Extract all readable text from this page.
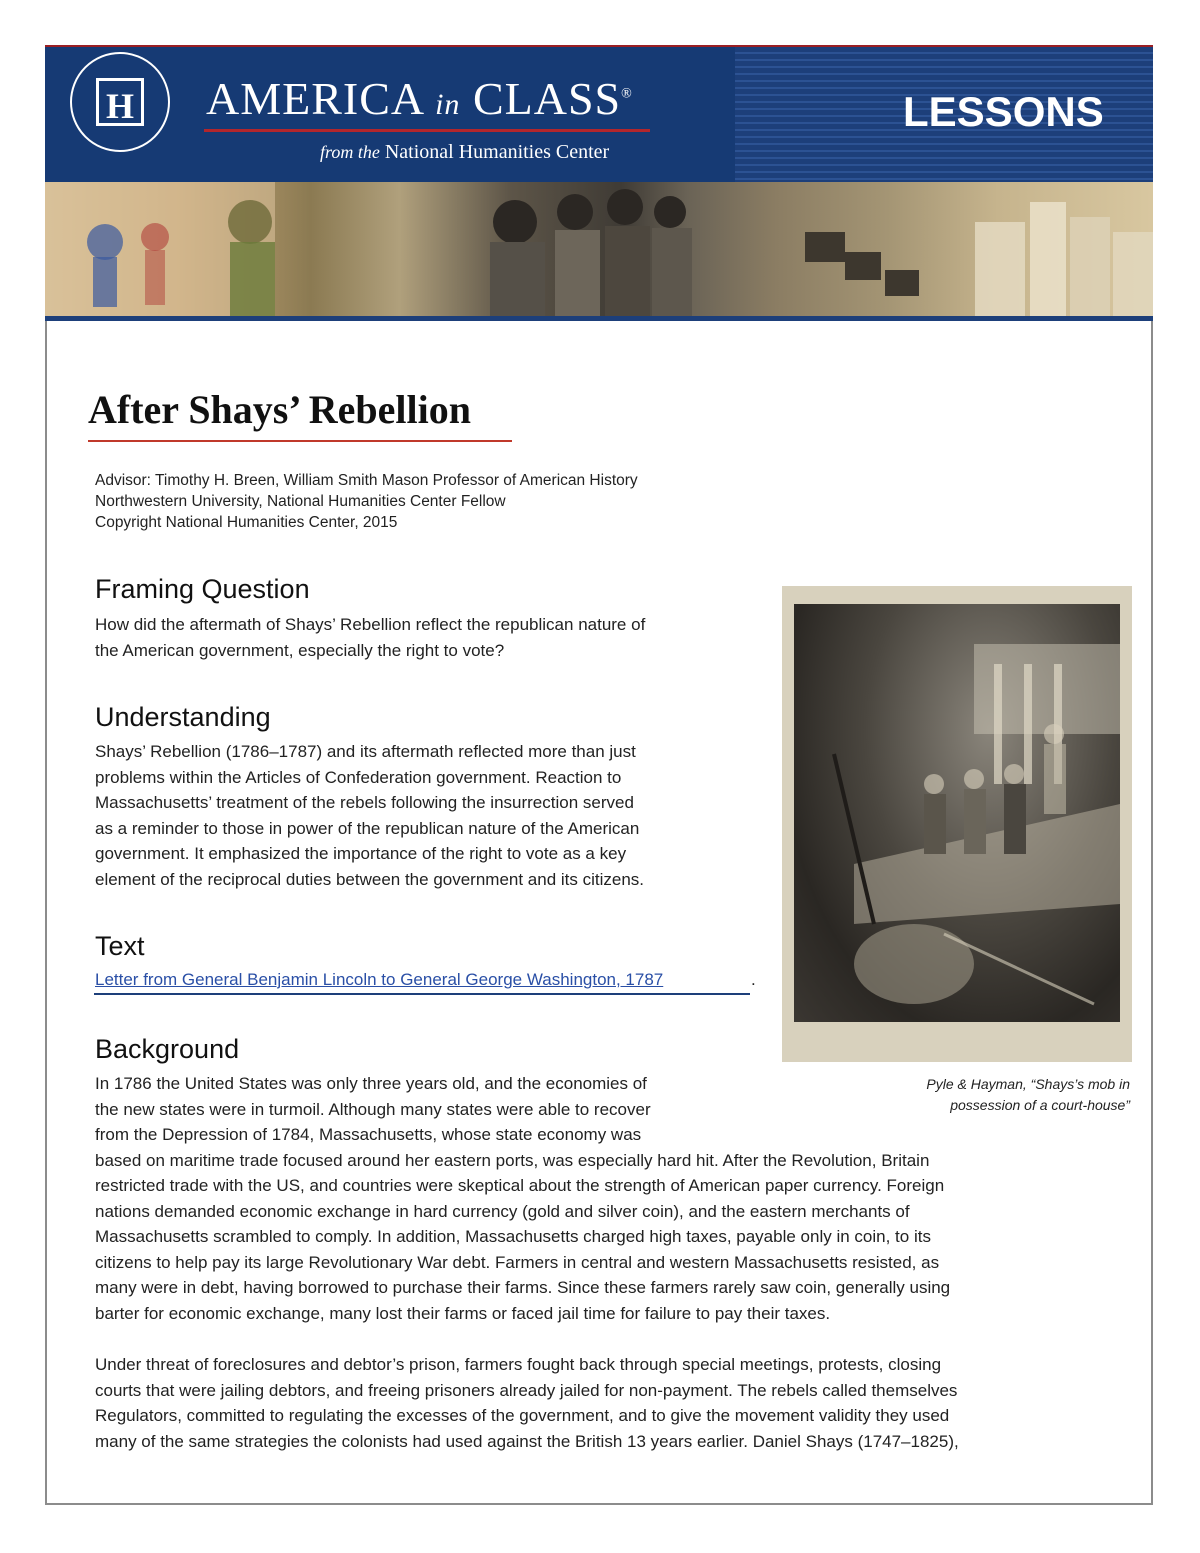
H AMERICA in CLASS®
from the National Humanities Center
LESSONS
After Shays’ Rebellion
Advisor: Timothy H. Breen, William Smith Mason Professor of American History
Northwestern University, National Humanities Center Fellow
Copyright National Humanities Center, 2015
Framing Question
How did the aftermath of Shays’ Rebellion reflect the republican nature of
the American government, especially the right to vote?
Understanding
Shays’ Rebellion (1786–1787) and its aftermath reflected more than just
problems within the Articles of Confederation government. Reaction to
Massachusetts’ treatment of the rebels following the insurrection served
as a reminder to those in power of the republican nature of the American
government. It emphasized the importance of the right to vote as a key
element of the reciprocal duties between the government and its citizens.
Text
Letter from General Benjamin Lincoln to General George Washington, 1787	.
Background
In 1786 the United States was only three years old, and the economies of
the new states were in turmoil. Although many states were able to recover
from the Depression of 1784, Massachusetts, whose state economy was
based on maritime trade focused around her eastern ports, was especially hard hit. After the Revolution, Britain
restricted trade with the US, and countries were skeptical about the strength of American paper currency. Foreign
nations demanded economic exchange in hard currency (gold and silver coin), and the eastern merchants of
Massachusetts scrambled to comply. In addition, Massachusetts charged high taxes, payable only in coin, to its
citizens to help pay its large Revolutionary War debt. Farmers in central and western Massachusetts resisted, as
many were in debt, having borrowed to purchase their farms. Since these farmers rarely saw coin, generally using
barter for economic exchange, many lost their farms or faced jail time for failure to pay their taxes.
Under threat of foreclosures and debtor’s prison, farmers fought back through special meetings, protests, closing
courts that were jailing debtors, and freeing prisoners already jailed for non-payment. The rebels called themselves
Regulators, committed to regulating the excesses of the government, and to give the movement validity they used
many of the same strategies the colonists had used against the British 13 years earlier. Daniel Shays (1747–1825),
Pyle & Hayman, “Shays’s mob in
possession of a court-house”
